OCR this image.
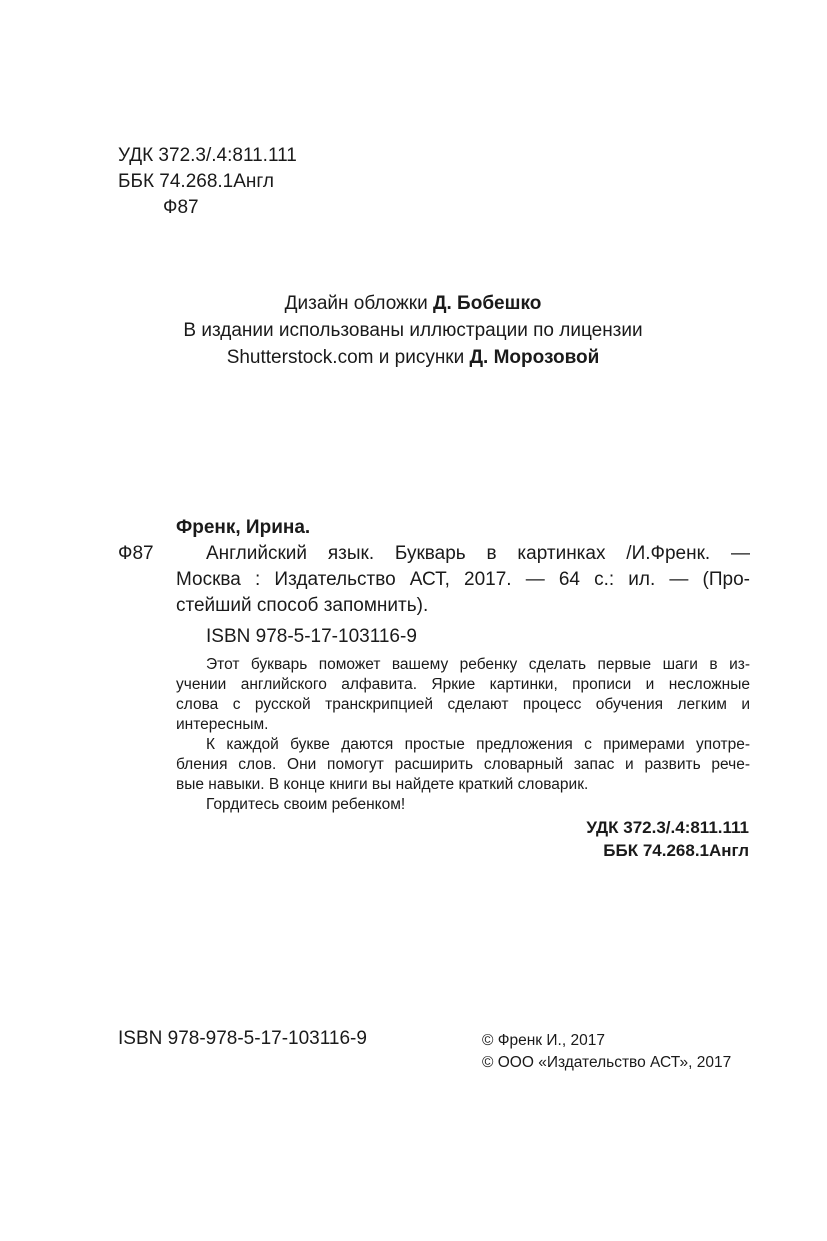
УДК 372.3/.4:811.111
ББК 74.268.1Англ
Ф87
Дизайн обложки Д. Бобешко
В издании использованы иллюстрации по лицензии
Shutterstock.com и рисунки Д. Морозовой
Френк, Ирина.
Ф87	Английский язык. Букварь в картинках /И.Френк. —
Москва : Издательство АСТ, 2017. — 64 с.: ил. — (Про-
стейший способ запомнить).
ISBN 978-5-17-103116-9
Этот букварь поможет вашему ребенку сделать первые шаги в из-
учении английского алфавита. Яркие картинки, прописи и несложные
слова с русской транскрипцией сделают процесс обучения легким и
интересным.
К каждой букве даются простые предложения с примерами употре-
бления слов. Они помогут расширить словарный запас и развить рече-
вые навыки. В конце книги вы найдете краткий словарик.
Гордитесь своим ребенком!
УДК 372.3/.4:811.111
ББК 74.268.1Англ
ISBN 978-978-5-17-103116-9	© Френк И., 2017
© ООО «Издательство АСТ», 2017
